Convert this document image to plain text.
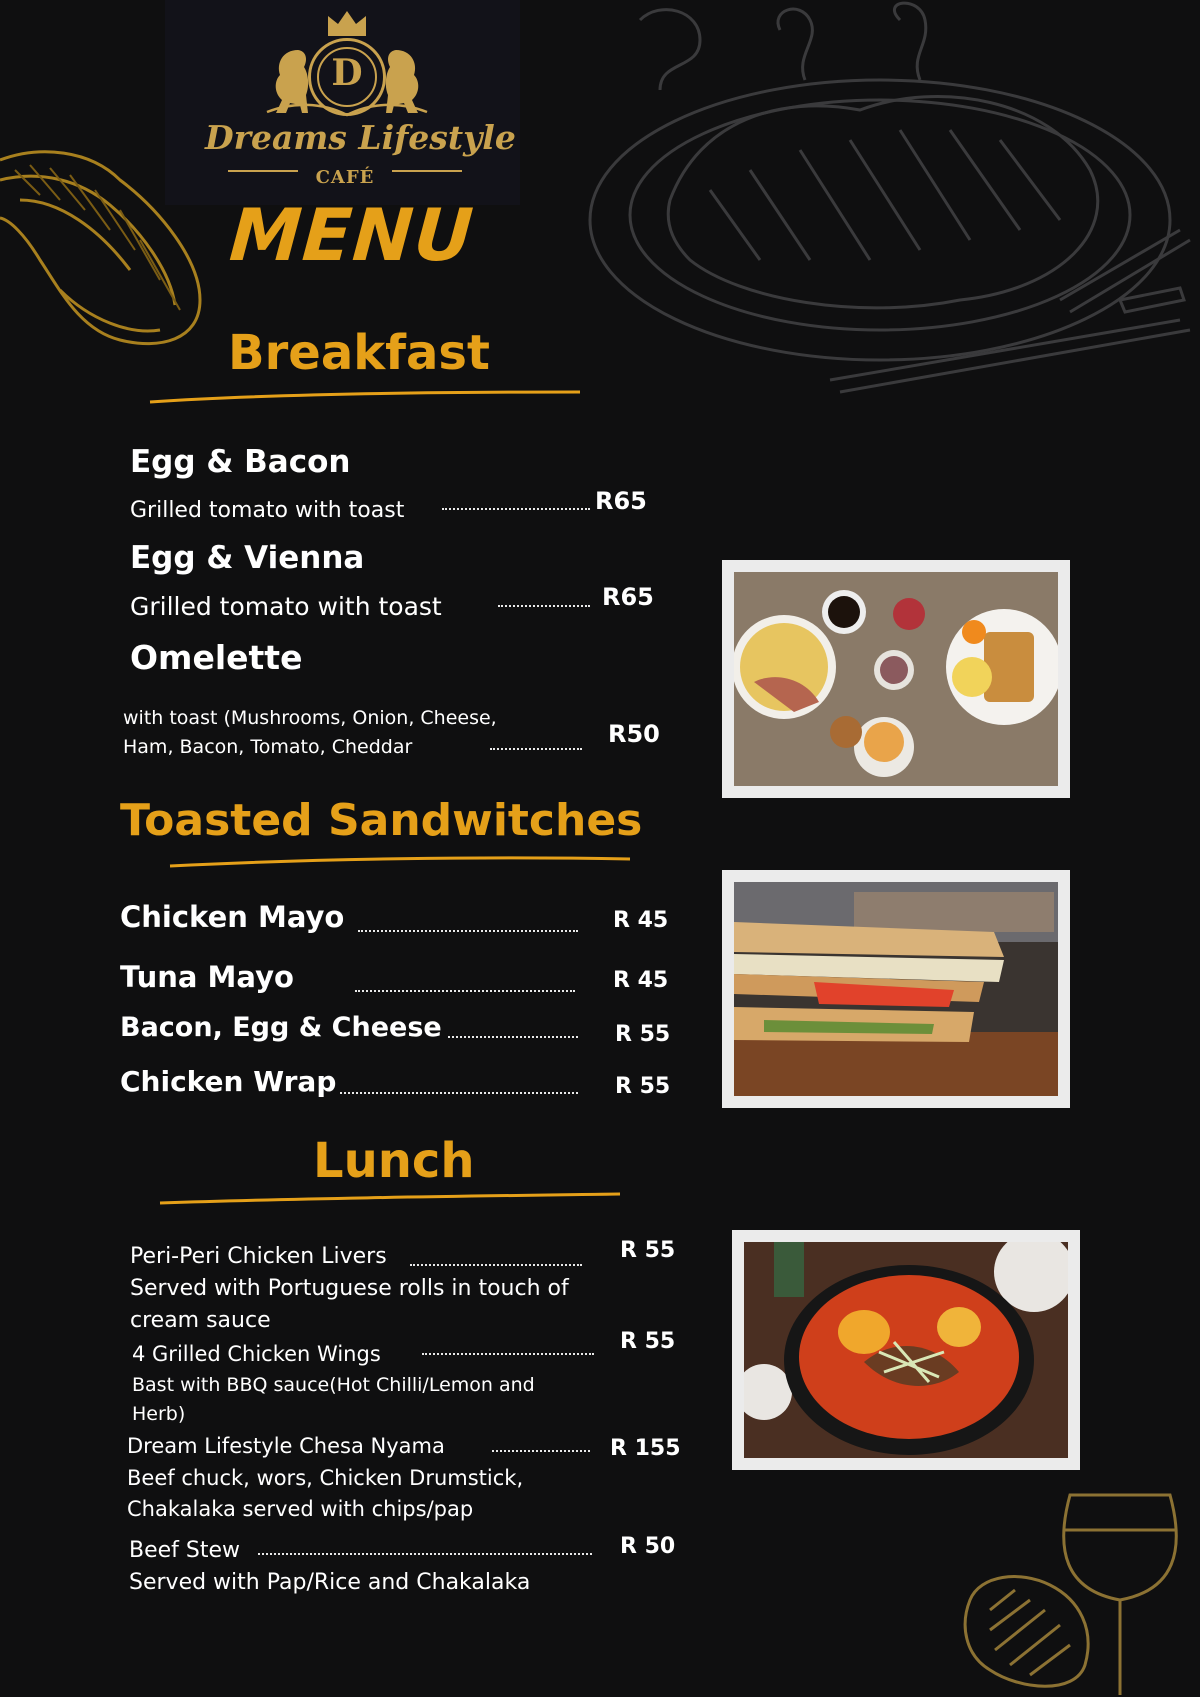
D
Dreams Lifestyle
CAFÉ
MENU
Breakfast
Egg & Bacon
Grilled tomato with toast	R65
Egg & Vienna
Grilled tomato with toast	R65
Omelette
with toast (Mushrooms, Onion, Cheese,
Ham, Bacon, Tomato, Cheddar	R50
Toasted Sandwitches
Chicken Mayo	R 45
Tuna Mayo	R 45
Bacon, Egg & Cheese	R 55
Chicken Wrap	R 55
Lunch
Peri-Peri Chicken Livers	R 55
Served with Portuguese rolls in touch of
cream sauce
4 Grilled Chicken Wings	R 55
Bast with BBQ sauce(Hot Chilli/Lemon and
Herb)
Dream Lifestyle Chesa Nyama	R 155
Beef chuck, wors, Chicken Drumstick,
Chakalaka served with chips/pap
Beef Stew	R 50
Served with Pap/Rice and Chakalaka
